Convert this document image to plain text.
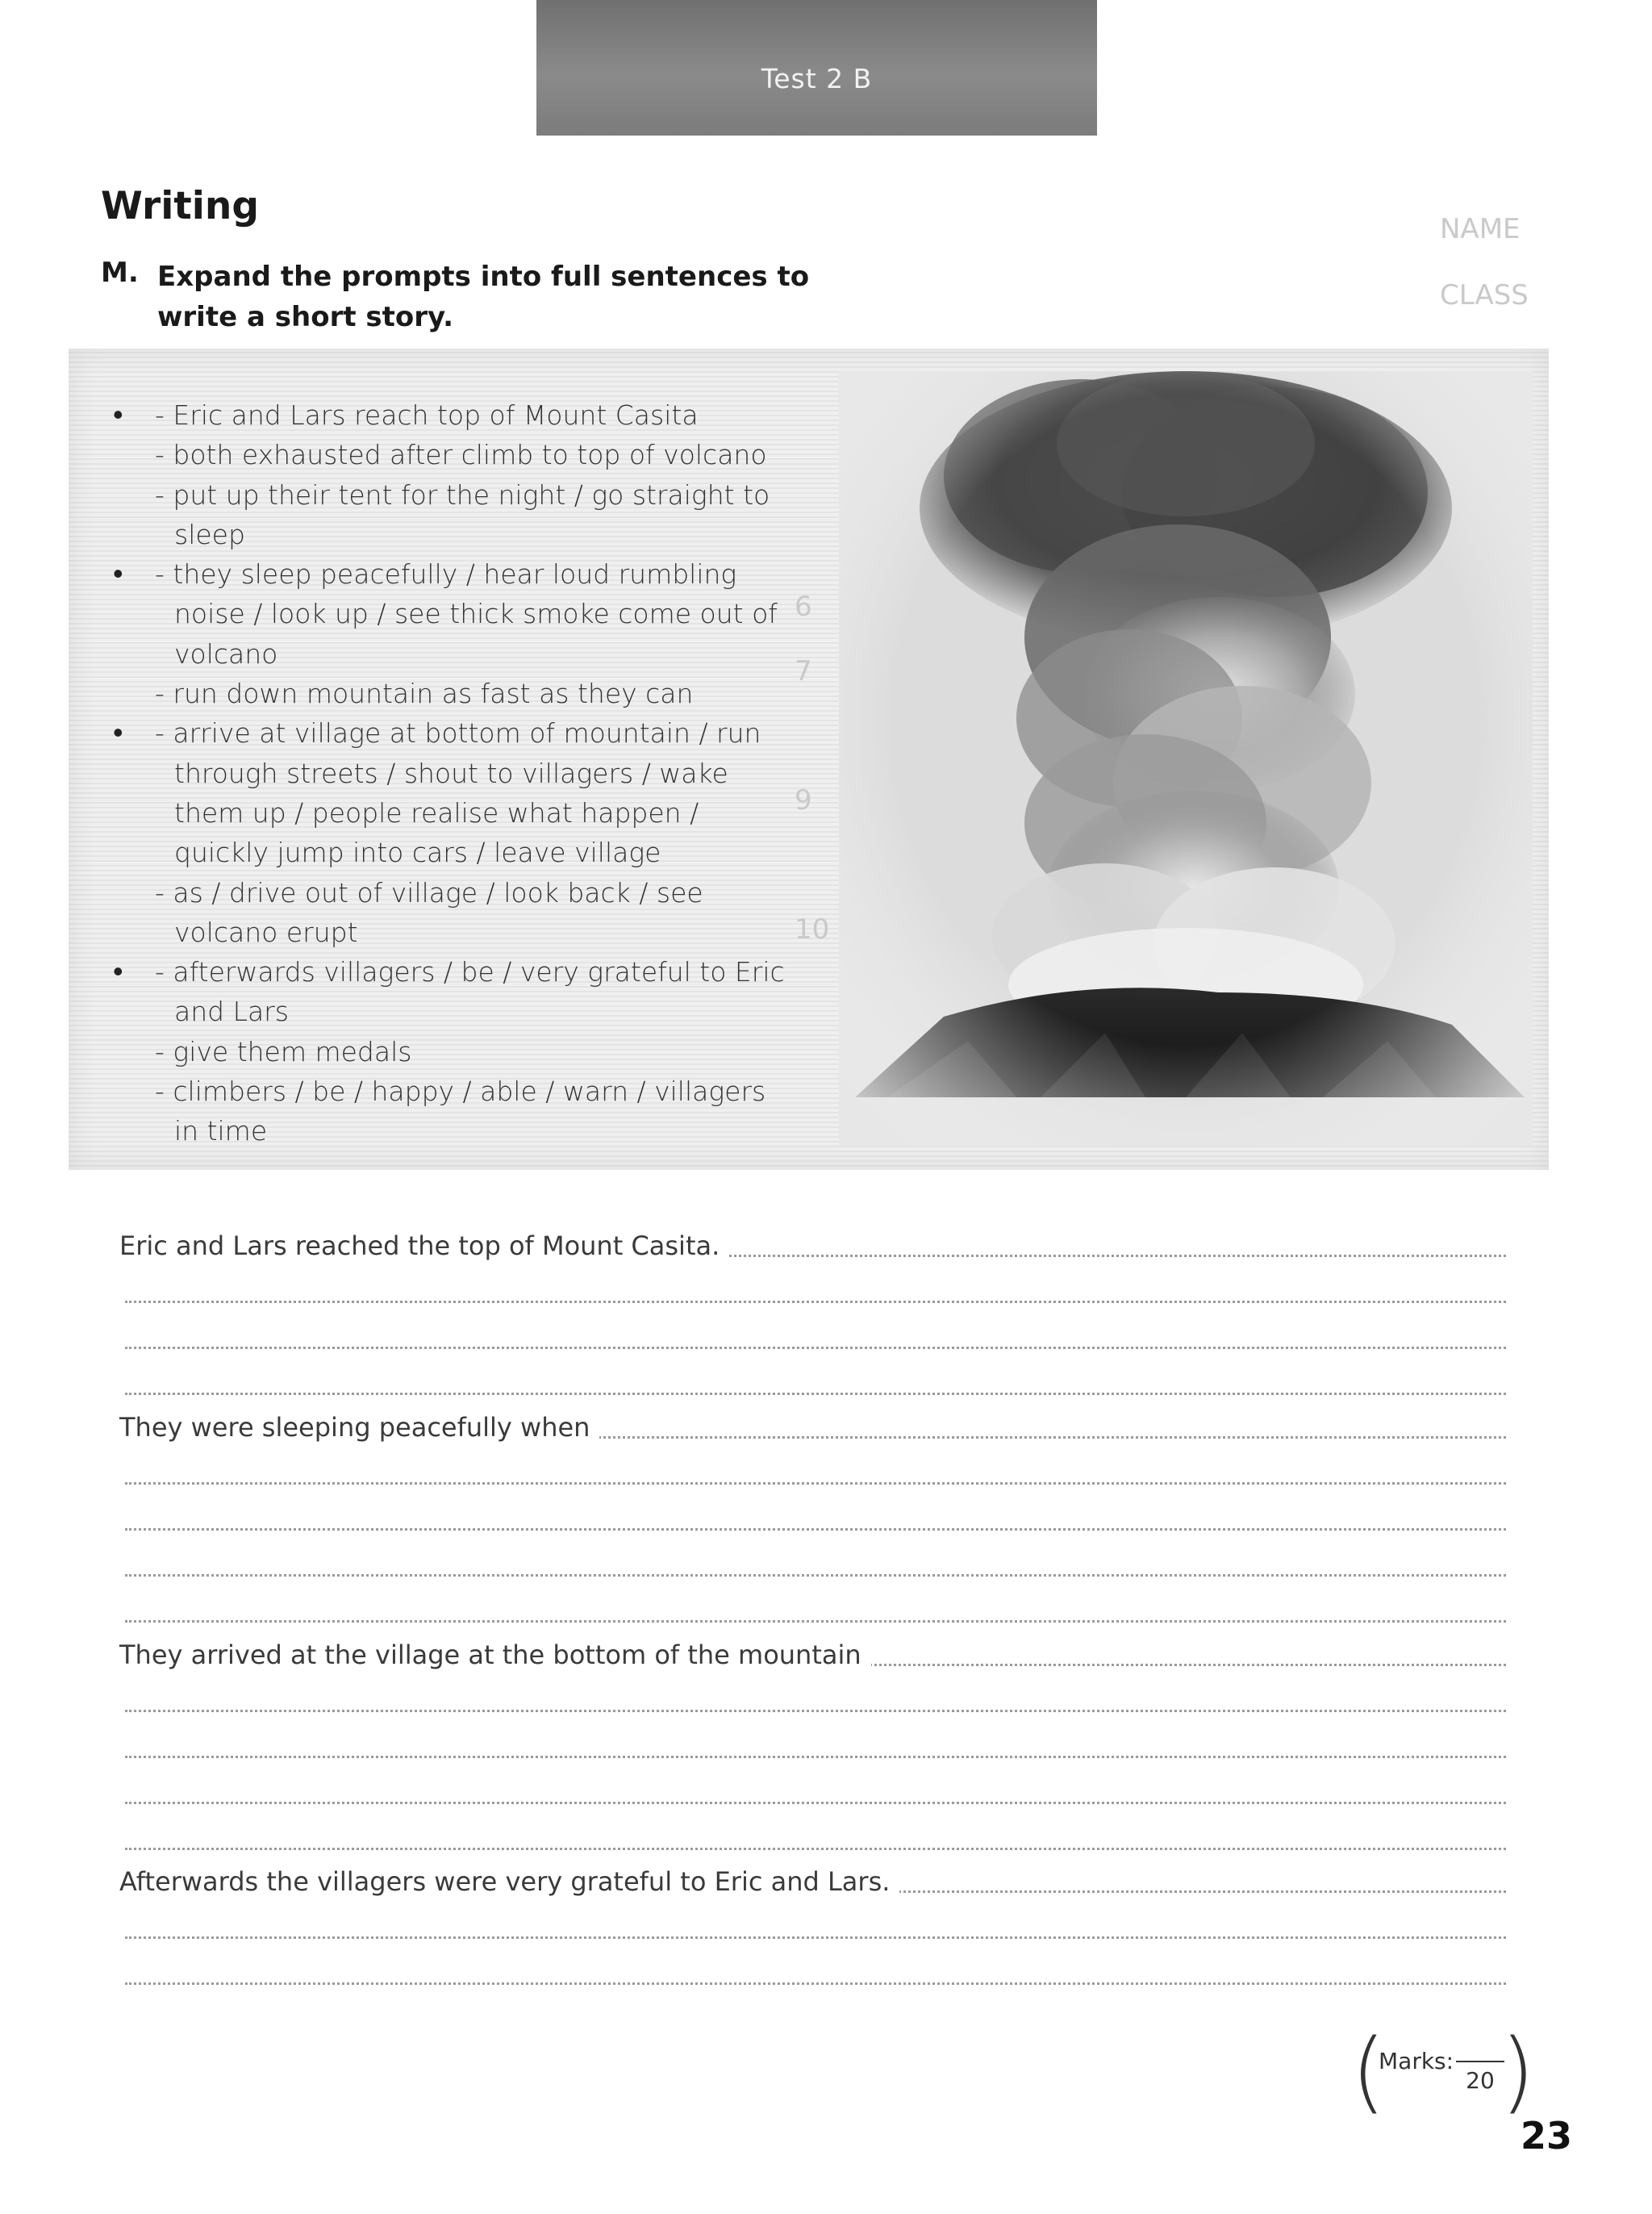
Test 2 B
Writing
M. Expand the prompts into full sentences to write a short story.
NAME
CLASS
6
7
9
10
• - Eric and Lars reach top of Mount Casita
- both exhausted after climb to top of volcano
- put up their tent for the night / go straight to sleep
• - they sleep peacefully / hear loud rumbling noise / look up / see thick smoke come out of volcano
- run down mountain as fast as they can
• - arrive at village at bottom of mountain / run through streets / shout to villagers / wake them up / people realise what happen / quickly jump into cars / leave village
- as / drive out of village / look back / see volcano erupt
• - afterwards villagers / be / very grateful to Eric and Lars
- give them medals
- climbers / be / happy / able / warn / villagers in time
Eric and Lars reached the top of Mount Casita.
They were sleeping peacefully when
They arrived at the village at the bottom of the mountain
Afterwards the villagers were very grateful to Eric and Lars.
(
Marks:
20 )
23
